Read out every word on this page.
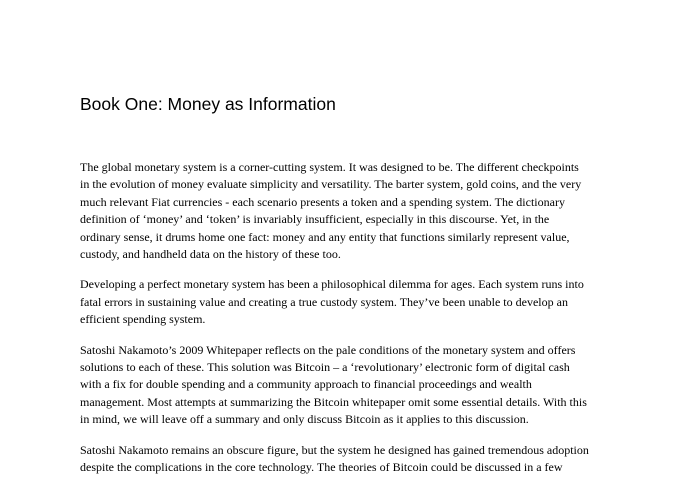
Book One: Money as Information

The global monetary system is a corner-cutting system. It was designed to be. The different checkpoints
in the evolution of money evaluate simplicity and versatility. The barter system, gold coins, and the very
much relevant Fiat currencies - each scenario presents a token and a spending system. The dictionary
definition of ‘money’ and ‘token’ is invariably insufficient, especially in this discourse. Yet, in the
ordinary sense, it drums home one fact: money and any entity that functions similarly represent value,
custody, and handheld data on the history of these too.

Developing a perfect monetary system has been a philosophical dilemma for ages. Each system runs into
fatal errors in sustaining value and creating a true custody system. They’ve been unable to develop an
efficient spending system.

Satoshi Nakamoto’s 2009 Whitepaper reflects on the pale conditions of the monetary system and offers
solutions to each of these. This solution was Bitcoin – a ‘revolutionary’ electronic form of digital cash
with a fix for double spending and a community approach to financial proceedings and wealth
management. Most attempts at summarizing the Bitcoin whitepaper omit some essential details. With this
in mind, we will leave off a summary and only discuss Bitcoin as it applies to this discussion.

Satoshi Nakamoto remains an obscure figure, but the system he designed has gained tremendous adoption
despite the complications in the core technology. The theories of Bitcoin could be discussed in a few
